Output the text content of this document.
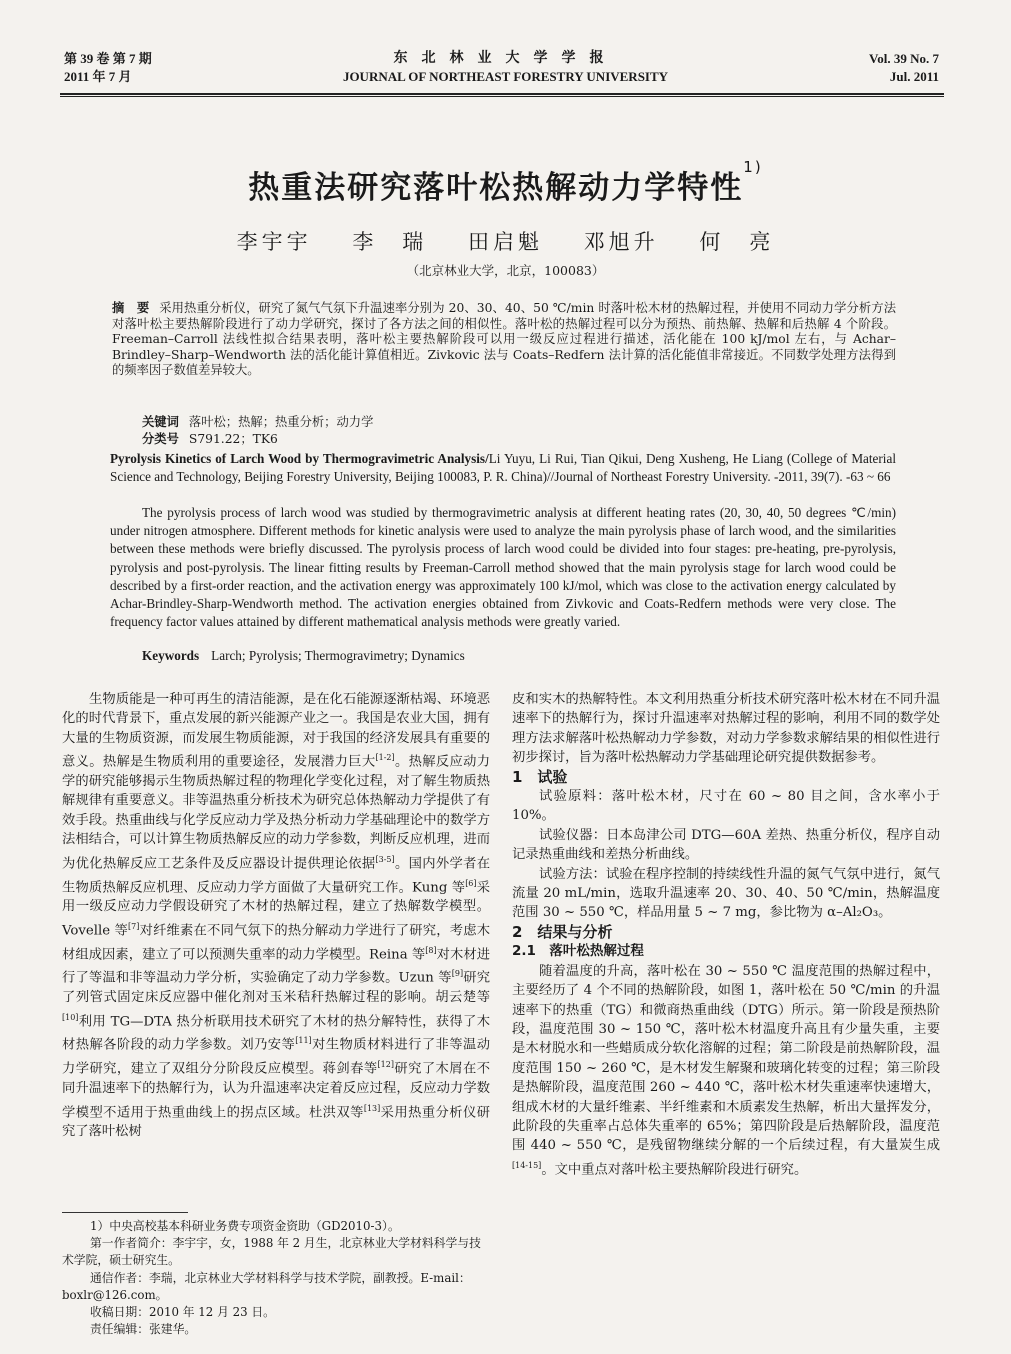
第 39 卷 第 7 期
2011 年 7 月
东北林业大学学报
JOURNAL OF NORTHEAST FORESTRY UNIVERSITY
Vol. 39 No. 7
Jul. 2011
热重法研究落叶松热解动力学特性$^{1)}$
李宇宇 李　瑞 田启魁 邓旭升 何　亮
（北京林业大学，北京，100083）
摘　要 采用热重分析仪，研究了氮气气氛下升温速率分别为 20、30、40、50 ℃/min 时落叶松木材的热解过程，并使用不同动力学分析方法对落叶松主要热解阶段进行了动力学研究，探讨了各方法之间的相似性。落叶松的热解过程可以分为预热、前热解、热解和后热解 4 个阶段。Freeman–Carroll 法线性拟合结果表明，落叶松主要热解阶段可以用一级反应过程进行描述，活化能在 100 kJ/mol 左右，与 Achar–Brindley–Sharp–Wendworth 法的活化能计算值相近。Zivkovic 法与 Coats–Redfern 法计算的活化能值非常接近。不同数学处理方法得到的频率因子数值差异较大。
关键词 落叶松；热解；热重分析；动力学
分类号 S791.22；TK6
Pyrolysis Kinetics of Larch Wood by Thermogravimetric Analysis/Li Yuyu, Li Rui, Tian Qikui, Deng Xusheng, He Liang (College of Material Science and Technology, Beijing Forestry University, Beijing 100083, P. R. China)//Journal of Northeast Forestry University. -2011, 39(7). -63 ~ 66
The pyrolysis process of larch wood was studied by thermogravimetric analysis at different heating rates (20, 30, 40, 50 degrees ℃/min) under nitrogen atmosphere. Different methods for kinetic analysis were used to analyze the main pyrolysis phase of larch wood, and the similarities between these methods were briefly discussed. The pyrolysis process of larch wood could be divided into four stages: pre-heating, pre-pyrolysis, pyrolysis and post-pyrolysis. The linear fitting results by Freeman-Carroll method showed that the main pyrolysis stage for larch wood could be described by a first-order reaction, and the activation energy was approximately 100 kJ/mol, which was close to the activation energy calculated by Achar-Brindley-Sharp-Wendworth method. The activation energies obtained from Zivkovic and Coats-Redfern methods were very close. The frequency factor values attained by different mathematical analysis methods were greatly varied.
Keywords Larch; Pyrolysis; Thermogravimetry; Dynamics

生物质能是一种可再生的清洁能源，是在化石能源逐渐枯竭、环境恶化的时代背景下，重点发展的新兴能源产业之一。我国是农业大国，拥有大量的生物质资源，而发展生物质能源，对于我国的经济发展具有重要的意义。热解是生物质利用的重要途径，发展潜力巨大[1-2]。热解反应动力学的研究能够揭示生物质热解过程的物理化学变化过程，对了解生物质热解规律有重要意义。非等温热重分析技术为研究总体热解动力学提供了有效手段。热重曲线与化学反应动力学及热分析动力学基础理论中的数学方法相结合，可以计算生物质热解反应的动力学参数，判断反应机理，进而为优化热解反应工艺条件及反应器设计提供理论依据[3-5]。国内外学者在生物质热解反应机理、反应动力学方面做了大量研究工作。Kung 等[6]采用一级反应动力学假设研究了木材的热解过程，建立了热解数学模型。Vovelle 等[7]对纤维素在不同气氛下的热分解动力学进行了研究，考虑木材组成因素，建立了可以预测失重率的动力学模型。Reina 等[8]对木材进行了等温和非等温动力学分析，实验确定了动力学参数。Uzun 等[9]研究了列管式固定床反应器中催化剂对玉米秸秆热解过程的影响。胡云楚等[10]利用 TG—DTA 热分析联用技术研究了木材的热分解特性，获得了木材热解各阶段的动力学参数。刘乃安等[11]对生物质材料进行了非等温动力学研究，建立了双组分分阶段反应模型。蒋剑春等[12]研究了木屑在不同升温速率下的热解行为，认为升温速率决定着反应过程，反应动力学数学模型不适用于热重曲线上的拐点区域。杜洪双等[13]采用热重分析仪研究了落叶松树

皮和实木的热解特性。本文利用热重分析技术研究落叶松木材在不同升温速率下的热解行为，探讨升温速率对热解过程的影响，利用不同的数学处理方法求解落叶松热解动力学参数，对动力学参数求解结果的相似性进行初步探讨，旨为落叶松热解动力学基础理论研究提供数据参考。

1　试验

试验原料：落叶松木材，尺寸在 60 ~ 80 目之间，含水率小于 10%。

试验仪器：日本岛津公司 DTG—60A 差热、热重分析仪，程序自动记录热重曲线和差热分析曲线。

试验方法：试验在程序控制的持续线性升温的氮气气氛中进行，氮气流量 20 mL/min，选取升温速率 20、30、40、50 ℃/min，热解温度范围 30 ~ 550 ℃，样品用量 5 ~ 7 mg，参比物为 α–Al₂O₃。

2　结果与分析

2.1　落叶松热解过程

随着温度的升高，落叶松在 30 ~ 550 ℃ 温度范围的热解过程中，主要经历了 4 个不同的热解阶段，如图 1，落叶松在 50 ℃/min 的升温速率下的热重（TG）和微商热重曲线（DTG）所示。第一阶段是预热阶段，温度范围 30 ~ 150 ℃，落叶松木材温度升高且有少量失重，主要是木材脱水和一些蜡质成分软化溶解的过程；第二阶段是前热解阶段，温度范围 150 ~ 260 ℃，是木材发生解聚和玻璃化转变的过程；第三阶段是热解阶段，温度范围 260 ~ 440 ℃，落叶松木材失重速率快速增大，组成木材的大量纤维素、半纤维素和木质素发生热解，析出大量挥发分，此阶段的失重率占总体失重率的 65%；第四阶段是后热解阶段，温度范围 440 ~ 550 ℃，是残留物继续分解的一个后续过程，有大量炭生成[14-15]。文中重点对落叶松主要热解阶段进行研究。

1）中央高校基本科研业务费专项资金资助（GD2010-3）。

第一作者简介：李宇宇，女，1988 年 2 月生，北京林业大学材料科学与技术学院，硕士研究生。

通信作者：李瑞，北京林业大学材料科学与技术学院，副教授。E-mail：boxlr@126.com。

收稿日期：2010 年 12 月 23 日。

责任编辑：张建华。
